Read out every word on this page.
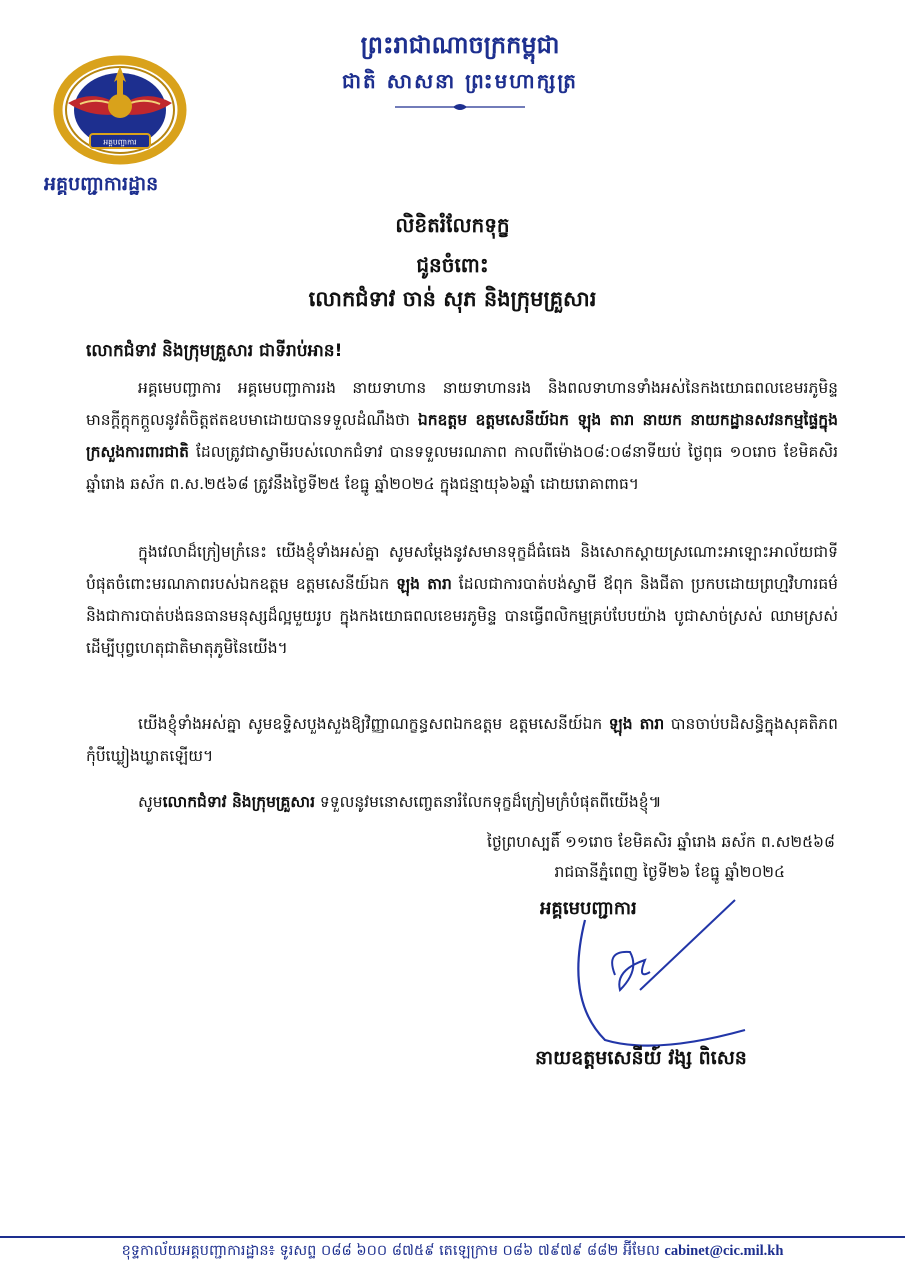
អគ្គបញ្ជាការ
អគ្គបញ្ជាការដ្ឋាន
ព្រះរាជាណាចក្រកម្ពុជា
ជាតិ សាសនា ព្រះមហាក្សត្រ
លិខិតរំលែកទុក្ខ
ជូនចំពោះ
លោកជំទាវ ចាន់ សុភ និងក្រុមគ្រួសារ
លោកជំទាវ និងក្រុមគ្រួសារ ជាទីរាប់អាន!

អគ្គមេបញ្ជាការ អគ្គមេបញ្ជាការរង នាយទាហាន នាយទាហានរង និងពលទាហានទាំងអស់នៃកងយោធពលខេមរភូមិន្ទ មានក្តីក្តុកក្តួលនូវតំចិត្តឥតឧបមាដោយបានទទួលដំណឹងថា ឯកឧត្តម ឧត្តមសេនីយ៍ឯក ឡុង តារា នាយក នាយកដ្ឋានសវនកម្មផ្ទៃក្នុង ក្រសួងការពារជាតិ ដែលត្រូវជាស្វាមីរបស់លោកជំទាវ បានទទួលមរណភាព កាលពីម៉ោង០៨:០៨នាទីយប់ ថ្ងៃពុធ ១០រោច ខែមិគសិរ ឆ្នាំរោង ឆស័ក ព.ស.២៥៦៨ ត្រូវនឹងថ្ងៃទី២៥ ខែធ្នូ ឆ្នាំ២០២៤ ក្នុងជន្មាយុ៦៦ឆ្នាំ ដោយរោគាពាធ។

ក្នុងវេលាដ៏ក្រៀមក្រំនេះ យើងខ្ញុំទាំងអស់គ្នា សូមសម្តែងនូវសមានទុក្ខដ៏ធំធេង និងសោកស្តាយស្រណោះអាឡោះអាល័យជាទីបំផុតចំពោះមរណភាពរបស់ឯកឧត្តម ឧត្តមសេនីយ៍ឯក ឡុង តារា ដែលជាការបាត់បង់ស្វាមី ឪពុក និងជីតា ប្រកបដោយព្រហ្មវិហារធម៌ និងជាការបាត់បង់ធនធានមនុស្សដ៏ល្អមួយរូប ក្នុងកងយោធពលខេមរភូមិន្ទ បានធ្វើពលិកម្មគ្រប់បែបយ៉ាង បូជាសាច់ស្រស់ ឈាមស្រស់ ដើម្បីបុព្វហេតុជាតិមាតុភូមិនៃយើង។

យើងខ្ញុំទាំងអស់គ្នា សូមឧទ្ទិសបួងសួងឱ្យវិញ្ញាណក្ខន្ធសពឯកឧត្តម ឧត្តមសេនីយ៍ឯក ឡុង តារា បានចាប់បដិសន្ធិក្នុងសុគតិភពកុំបីឃ្លៀងឃ្លាតឡើយ។

សូមលោកជំទាវ និងក្រុមគ្រួសារ ទទួលនូវមនោសញ្ចេតនារំលែកទុក្ខដ៏ក្រៀមក្រំបំផុតពីយើងខ្ញុំ៕

ថ្ងៃព្រហស្បតិ៍ ១១រោច ខែមិគសិរ ឆ្នាំរោង ឆស័ក ព.ស២៥៦៨
រាជធានីភ្នំពេញ ថ្ងៃទី២៦ ខែធ្នូ ឆ្នាំ២០២៤
អគ្គមេបញ្ជាការ
នាយឧត្តមសេនីយ៍ វង្ស ពិសេន
ខុទ្ទកាល័យអគ្គបញ្ជាការដ្ឋាន៖ ទូរសព្ទ ០៨៨ ៦០០ ៨៧៥៩ តេឡេក្រាម ០៨៦ ៧៩៧៩ ៨៨២ អ៊ីមែល cabinet@cic.mil.kh
